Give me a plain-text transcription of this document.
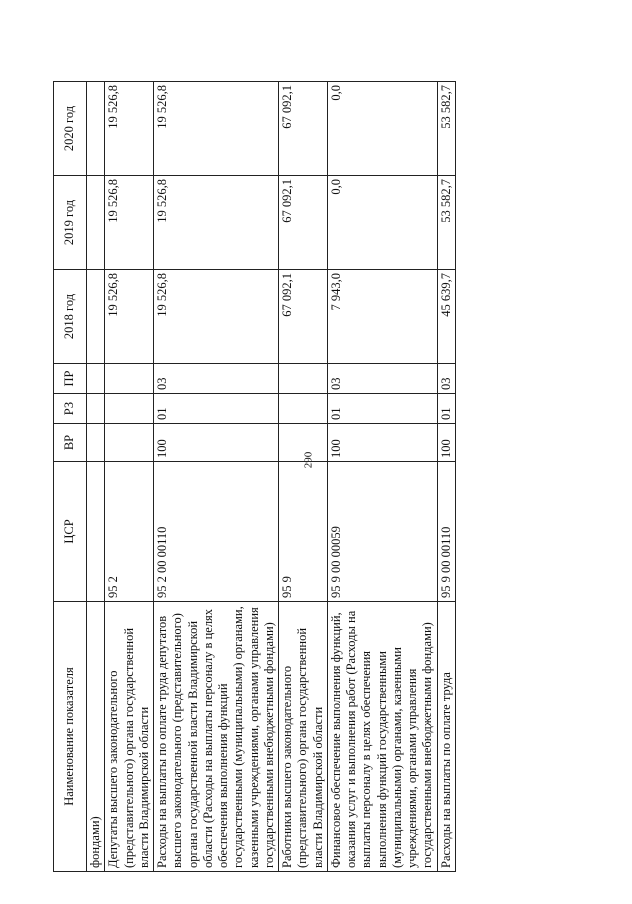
290
Наименование показателя	ЦСР	ВР	РЗ	ПР	2018 год	2019 год	2020 год
фондами)							
Депутаты высшего законодательного (представительного) органа государственной власти Владимирской области	95 2				19 526,8	19 526,8	19 526,8
Расходы на выплаты по оплате труда депутатов высшего законодательного (представительного) органа государственной власти Владимирской области (Расходы на выплаты персоналу в целях обеспечения выполнения функций государственными (муниципальными) органами, казенными учреждениями, органами управления государственными внебюджетными фондами)	95 2 00 00110	100	01	03	19 526,8	19 526,8	19 526,8
Работники высшего законодательного (представительного) органа государственной власти Владимирской области	95 9				67 092,1	67 092,1	67 092,1
Финансовое обеспечение выполнения функций, оказания услуг и выполнения работ (Расходы на выплаты персоналу в целях обеспечения выполнения функций государственными (муниципальными) органами, казенными учреждениями, органами управления государственными внебюджетными фондами)	95 9 00 00059	100	01	03	7 943,0	0,0	0,0
Расходы на выплаты по оплате труда	95 9 00 00110	100	01	03	45 639,7	53 582,7	53 582,7
